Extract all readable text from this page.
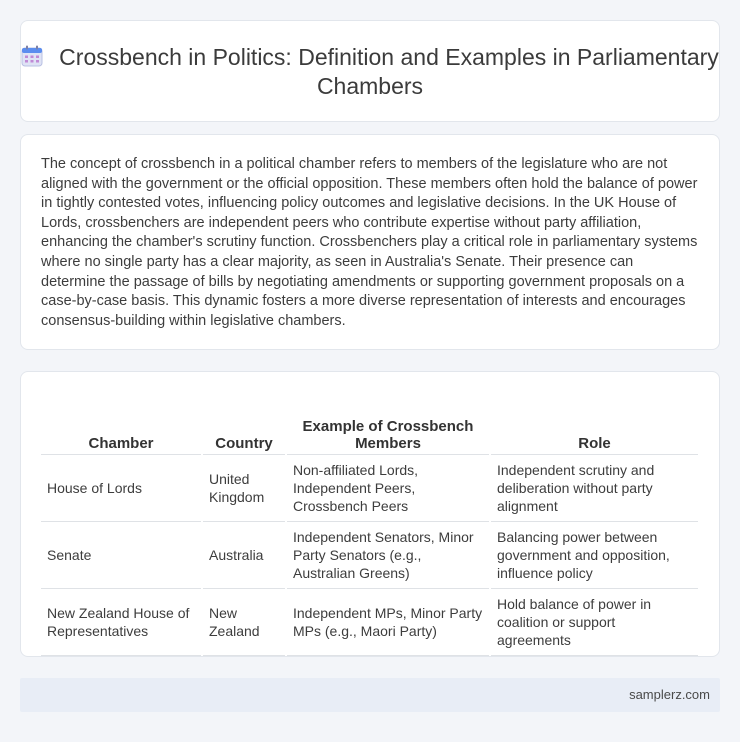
Crossbench in Politics: Definition and Examples in Parliamentary Chambers

The concept of crossbench in a political chamber refers to members of the legislature who are not aligned with the government or the official opposition. These members often hold the balance of power in tightly contested votes, influencing policy outcomes and legislative decisions. In the UK House of Lords, crossbenchers are independent peers who contribute expertise without party affiliation, enhancing the chamber's scrutiny function. Crossbenchers play a critical role in parliamentary systems where no single party has a clear majority, as seen in Australia's Senate. Their presence can determine the passage of bills by negotiating amendments or supporting government proposals on a case-by-case basis. This dynamic fosters a more diverse representation of interests and encourages consensus-building within legislative chambers.

Chamber	Country	Example of Crossbench Members	Role
House of Lords	United Kingdom	Non-affiliated Lords, Independent Peers, Crossbench Peers	Independent scrutiny and deliberation without party alignment
Senate	Australia	Independent Senators, Minor Party Senators (e.g., Australian Greens)	Balancing power between government and opposition, influence policy
New Zealand House of Representatives	New Zealand	Independent MPs, Minor Party MPs (e.g., Maori Party)	Hold balance of power in coalition or support agreements
samplerz.com
